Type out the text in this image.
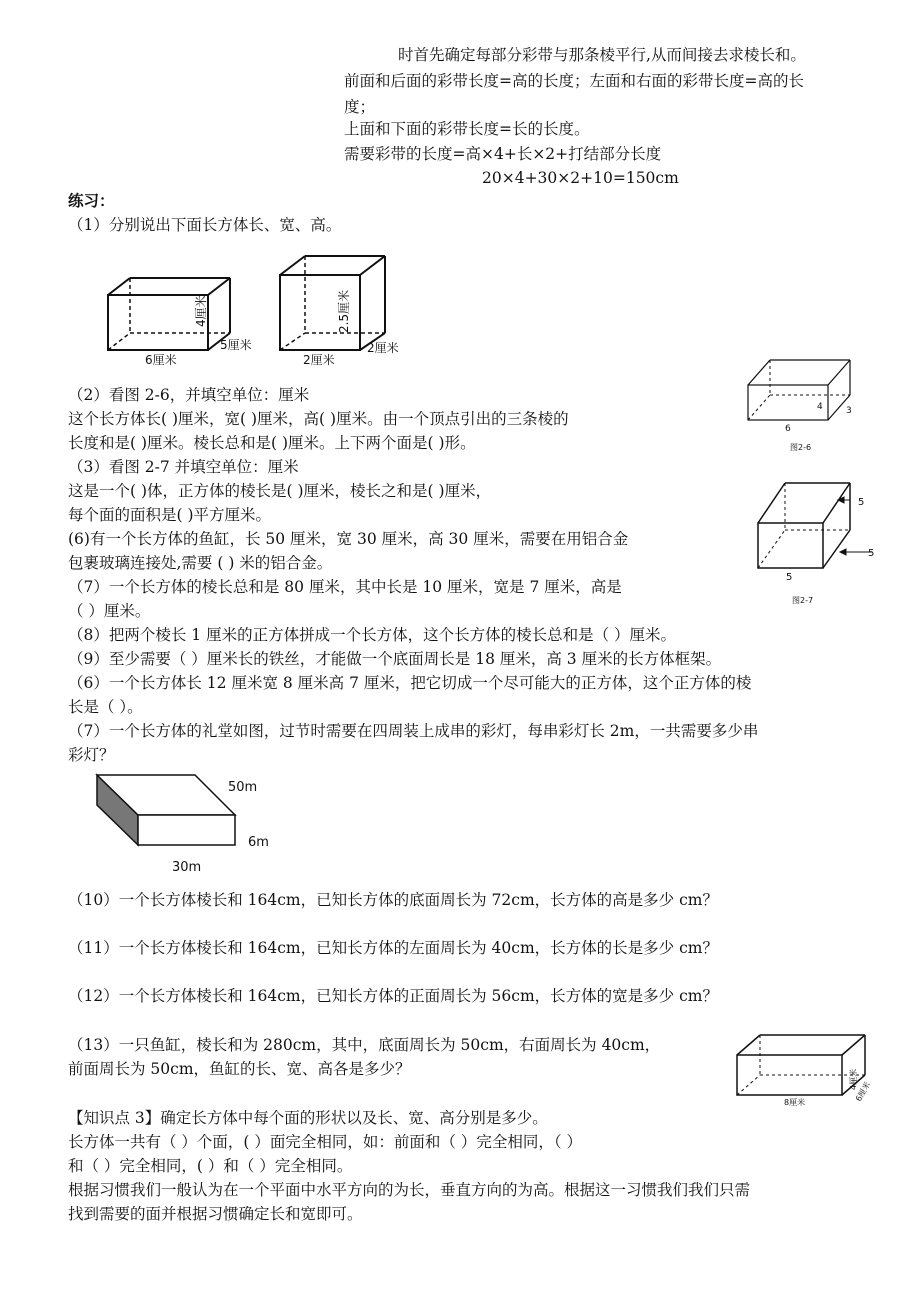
时首先确定每部分彩带与那条棱平行,从而间接去求棱长和。
前面和后面的彩带长度=高的长度；左面和右面的彩带长度=高的长
度；
上面和下面的彩带长度=长的长度。
需要彩带的长度=高×4+长×2+打结部分长度
20×4+30×2+10=150cm
练习：
（1）分别说出下面长方体长、宽、高。
4厘米
5厘米
6厘米
2.5厘米
2厘米
2厘米
（2）看图 2-6，并填空单位：厘米
这个长方体长( )厘米，宽( )厘米，高( )厘米。由一个顶点引出的三条棱的
长度和是( )厘米。棱长总和是( )厘米。上下两个面是( )形。
4	3
6
图2-6
（3）看图 2-7 并填空单位：厘米
这是一个( )体，正方体的棱长是( )厘米，棱长之和是( )厘米，
每个面的面积是( )平方厘米。
5
5
5
图2-7
(6)有一个长方体的鱼缸，长 50 厘米，宽 30 厘米，高 30 厘米，需要在用铝合金
包裹玻璃连接处,需要 ( ) 米的铝合金。
（7）一个长方体的棱长总和是 80 厘米，其中长是 10 厘米，宽是 7 厘米，高是
（ ）厘米。
（8）把两个棱长 1 厘米的正方体拼成一个长方体，这个长方体的棱长总和是（ ）厘米。
（9）至少需要（ ）厘米长的铁丝，才能做一个底面周长是 18 厘米，高 3 厘米的长方体框架。
（6）一个长方体长 12 厘米宽 8 厘米高 7 厘米，把它切成一个尽可能大的正方体，这个正方体的棱
长是（ ）。
（7）一个长方体的礼堂如图，过节时需要在四周装上成串的彩灯，每串彩灯长 2m，一共需要多少串
彩灯？
50m
6m
30m
（10）一个长方体棱长和 164cm，已知长方体的底面周长为 72cm，长方体的高是多少 cm？
（11）一个长方体棱长和 164cm，已知长方体的左面周长为 40cm，长方体的长是多少 cm？
（12）一个长方体棱长和 164cm，已知长方体的正面周长为 56cm，长方体的宽是多少 cm？
（13）一只鱼缸，棱长和为 280cm，其中，底面周长为 50cm，右面周长为 40cm，
前面周长为 50cm，鱼缸的长、宽、高各是多少？
8厘米
4厘米
6厘米
【知识点 3】确定长方体中每个面的形状以及长、宽、高分别是多少。
长方体一共有（ ）个面，( ）面完全相同，如：前面和（ ）完全相同，（ ）
和（ ）完全相同，( ）和（ ）完全相同。
根据习惯我们一般认为在一个平面中水平方向的为长，垂直方向的为高。根据这一习惯我们我们只需
找到需要的面并根据习惯确定长和宽即可。
